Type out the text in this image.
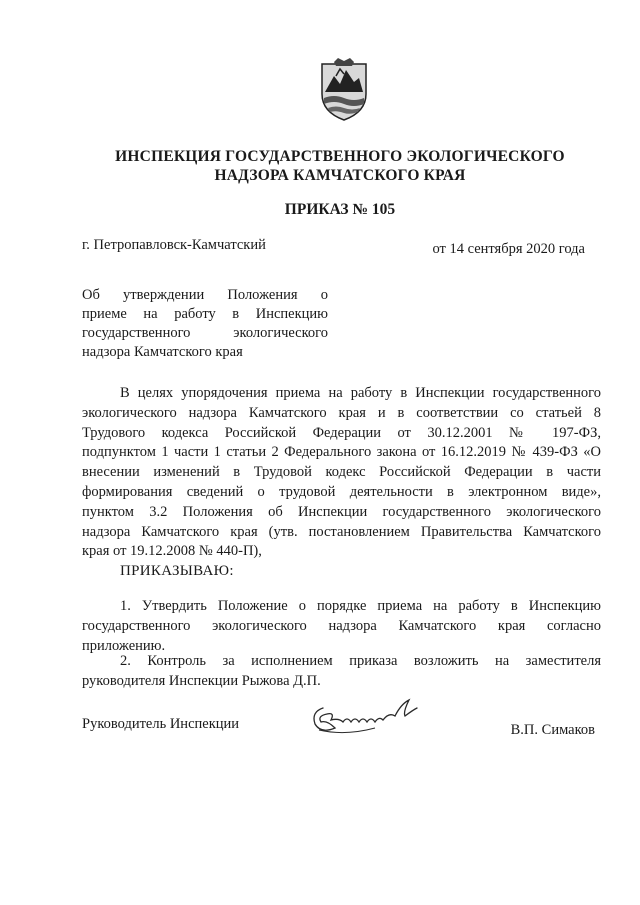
ИНСПЕКЦИЯ ГОСУДАРСТВЕННОГО ЭКОЛОГИЧЕСКОГО
НАДЗОРА КАМЧАТСКОГО КРАЯ
ПРИКАЗ № 105
г. Петропавловск-Камчатский	от 14 сентября 2020 года
Об утверждении Положения о
приеме на работу в Инспекцию
государственного экологического
надзора Камчатского края
В целях упорядочения приема на работу в Инспекции государственного
экологического надзора Камчатского края и в соответствии со статьей 8
Трудового кодекса Российской Федерации от 30.12.2001 № 197-ФЗ,
подпунктом 1 части 1 статьи 2 Федерального закона от 16.12.2019 № 439-ФЗ «О
внесении изменений в Трудовой кодекс Российской Федерации в части
формирования сведений о трудовой деятельности в электронном виде»,
пунктом 3.2 Положения об Инспекции государственного экологического
надзора Камчатского края (утв. постановлением Правительства Камчатского
края от 19.12.2008 № 440-П),
ПРИКАЗЫВАЮ:
1. Утвердить Положение о порядке приема на работу в Инспекцию
государственного экологического надзора Камчатского края согласно
приложению.
2. Контроль за исполнением приказа возложить на заместителя
руководителя Инспекции Рыжова Д.П.
Руководитель Инспекции	В.П. Симаков
